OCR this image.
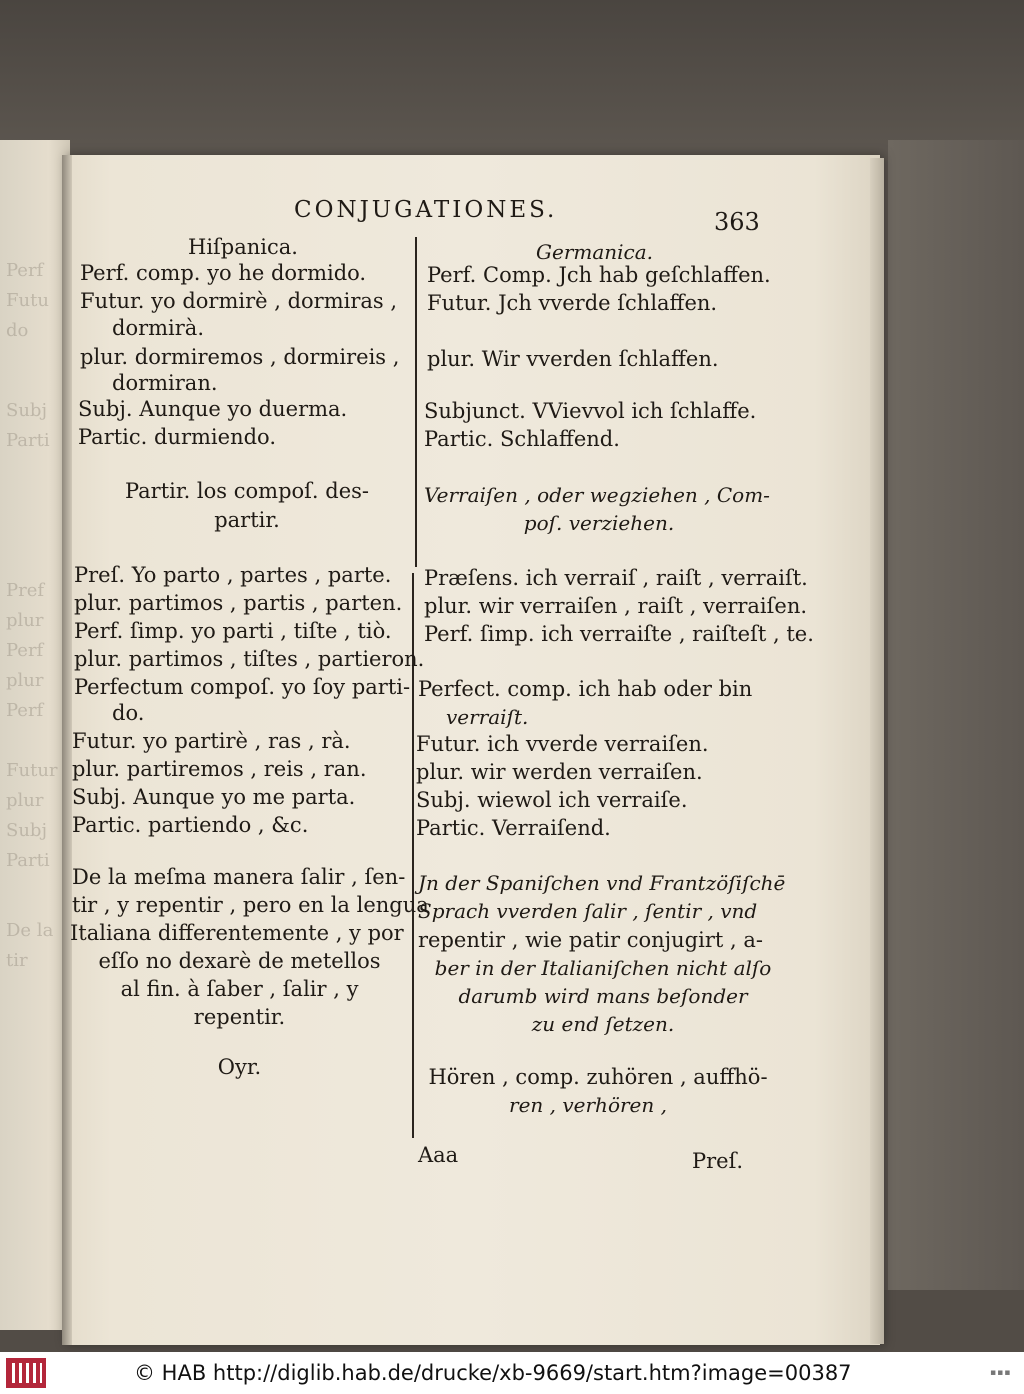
Perf
Futu
do
Subj
Parti
Pref
plur
Perf
plur
Perf
Futur
plur
Subj
Parti
De la
tir
CONJUGATIONES.	363
Hiſpanica.	Germanica.
Perf. comp. yo he dormido.
Futur. yo dormirè , dormiras ,
dormirà.
plur. dormiremos , dormireis ,
dormiran.
Subj. Aunque yo duerma.
Partic. durmiendo.
Perf. Comp. Jch hab geſchlaffen.
Futur. Jch vverde ſchlaffen.
plur. Wir vverden ſchlaffen.
Subjunct. VVievvol ich ſchlaffe.
Partic. Schlaffend.
Partir. los compoſ. des-
partir.
Verraiſen , oder wegziehen , Com-
poſ. verziehen.
Preſ. Yo parto , partes , parte.
plur. partimos , partis , parten.
Perf. ſimp. yo parti , tiſte , tiò.
plur. partimos , tiſtes , partieron.
Perfectum compoſ. yo ſoy parti-
do.
Futur. yo partirè , ras , rà.
plur. partiremos , reis , ran.
Subj. Aunque yo me parta.
Partic. partiendo , &c.
Præſens. ich verraiſ , raiſt , verraiſt.
plur. wir verraiſen , raiſt , verraiſen.
Perf. ſimp. ich verraiſte , raiſteſt , te.
Perfect. comp. ich hab oder bin
verraiſt.
Futur. ich vverde verraiſen.
plur. wir werden verraiſen.
Subj. wiewol ich verraiſe.
Partic. Verraiſend.
De la meſma manera ſalir , ſen-
tir , y repentir , pero en la lengua
Italiana differentemente , y por
eſſo no dexarè de metellos
al fin. à ſaber , ſalir , y
repentir.
Jn der Spaniſchen vnd Frantzöſiſchē
Sprach vverden ſalir , ſentir , vnd
repentir , wie patir conjugirt , a-
ber in der Italianiſchen nicht alſo
darumb wird mans beſonder
zu end ſetzen.
Oyr.	Hören , comp. zuhören , auffhö-
ren , verhören ,
Aaa	Preſ.
© HAB http://diglib.hab.de/drucke/xb-9669/start.htm?image=00387	▪▪▪
